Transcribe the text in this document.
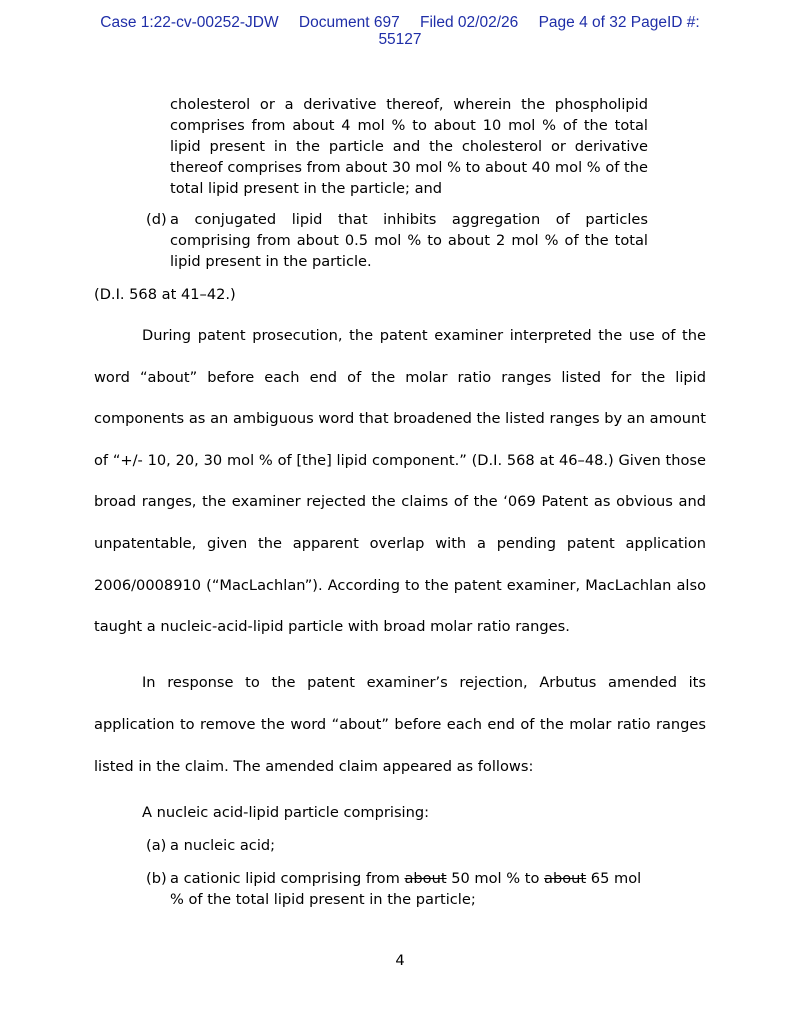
Case 1:22-cv-00252-JDW Document 697 Filed 02/02/26 Page 4 of 32 PageID #:
55127
cholesterol or a derivative thereof, wherein the phospholipid comprises from about 4 mol % to about 10 mol % of the total lipid present in the particle and the cholesterol or derivative thereof comprises from about 30 mol % to about 40 mol % of the total lipid present in the particle; and
(d) a conjugated lipid that inhibits aggregation of particles comprising from about 0.5 mol % to about 2 mol % of the total lipid present in the particle.
(D.I. 568 at 41–42.)

During patent prosecution, the patent examiner interpreted the use of the word “about” before each end of the molar ratio ranges listed for the lipid components as an ambiguous word that broadened the listed ranges by an amount of “+/- 10, 20, 30 mol % of [the] lipid component.” (D.I. 568 at 46–48.) Given those broad ranges, the examiner rejected the claims of the ‘069 Patent as obvious and unpatentable, given the apparent overlap with a pending patent application 2006/0008910 (“MacLachlan”). According to the patent examiner, MacLachlan also taught a nucleic-acid-lipid particle with broad molar ratio ranges.

In response to the patent examiner’s rejection, Arbutus amended its application to remove the word “about” before each end of the molar ratio ranges listed in the claim. The amended claim appeared as follows:

A nucleic acid-lipid particle comprising:
(a) a nucleic acid;
(b) a cationic lipid comprising from about 50 mol % to about 65 mol % of the total lipid present in the particle;
4
